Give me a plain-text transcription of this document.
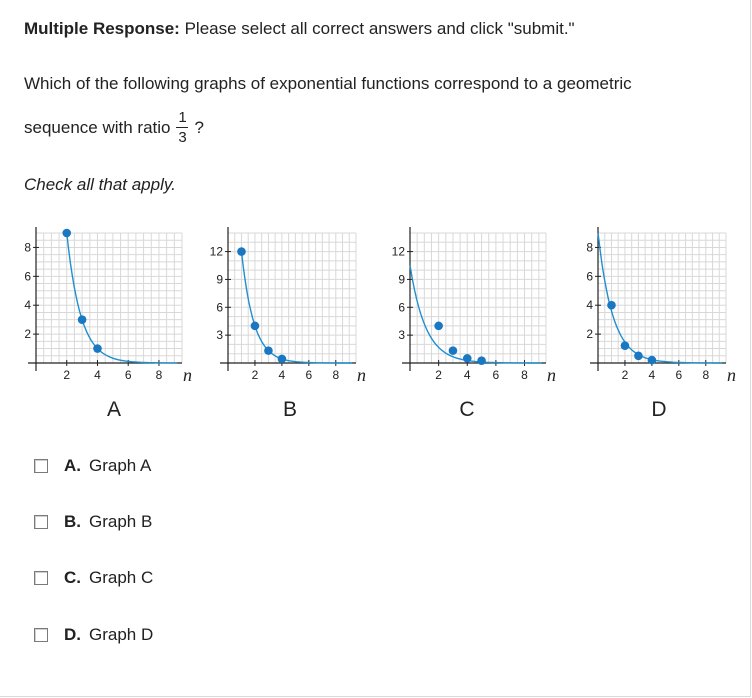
Multiple Response: Please select all correct answers and click "submit."
Which of the following graphs of exponential functions correspond to a geometric
sequence with ratio $\frac{1}{3}$ ?
Check all that apply.
2
4
6
8
2 4 6 8 n
A
3
6
9
12
2 4 6 8 n
B
3
6
9
12
2 4 6 8 n
C
2
4
6
8
2 4 6 8 n
D
A. Graph A
B. Graph B
C. Graph C
D. Graph D
